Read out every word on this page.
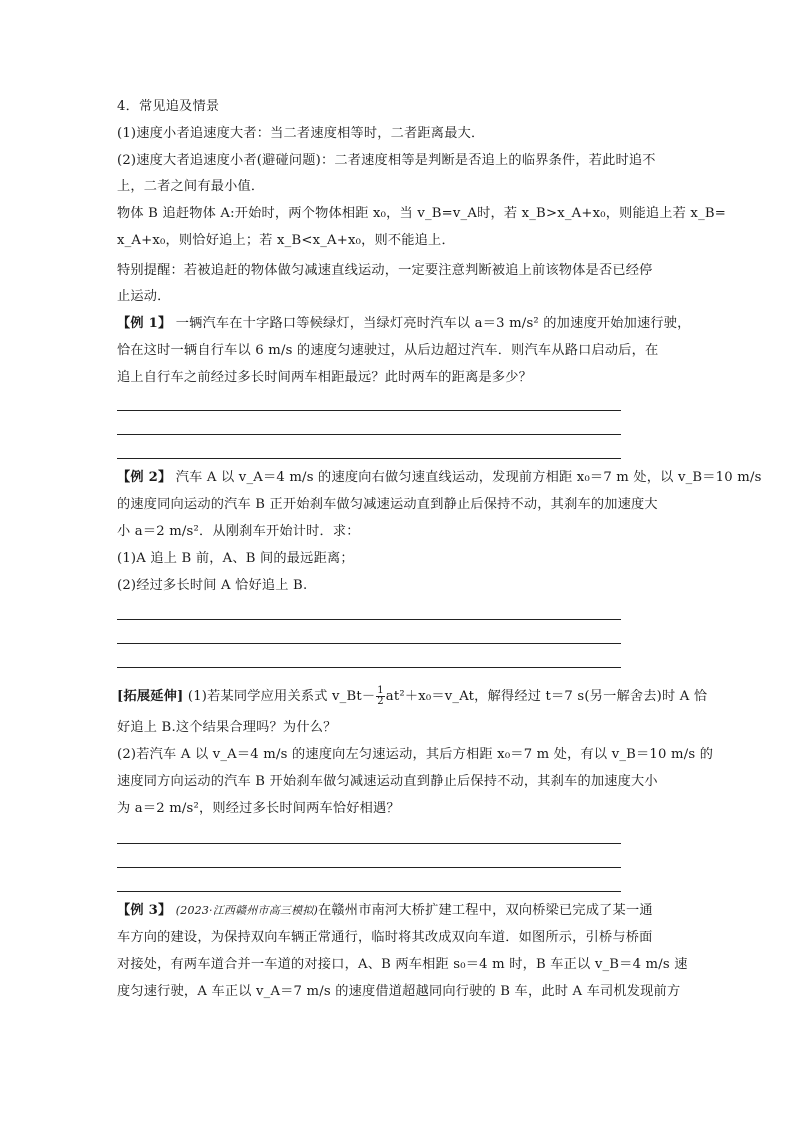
4．常见追及情景
(1)速度小者追速度大者：当二者速度相等时，二者距离最大．
(2)速度大者追速度小者(避碰问题)：二者速度相等是判断是否追上的临界条件，若此时追不
上，二者之间有最小值．
物体 B 追赶物体 A:开始时，两个物体相距 x₀，当 v_B=v_A时，若 x_B>x_A+x₀，则能追上若 x_B=
x_A+x₀，则恰好追上；若 x_B<x_A+x₀，则不能追上．
特别提醒：若被追赶的物体做匀减速直线运动，一定要注意判断被追上前该物体是否已经停
止运动．
【例 1】 一辆汽车在十字路口等候绿灯，当绿灯亮时汽车以 a＝3 m/s² 的加速度开始加速行驶，
恰在这时一辆自行车以 6 m/s 的速度匀速驶过，从后边超过汽车．则汽车从路口启动后，在
追上自行车之前经过多长时间两车相距最远？此时两车的距离是多少？
【例 2】 汽车 A 以 v_A＝4 m/s 的速度向右做匀速直线运动，发现前方相距 x₀＝7 m 处，以 v_B＝10 m/s
的速度同向运动的汽车 B 正开始刹车做匀减速运动直到静止后保持不动，其刹车的加速度大
小 a＝2 m/s²．从刚刹车开始计时．求：
(1)A 追上 B 前，A、B 间的最远距离；
(2)经过多长时间 A 恰好追上 B.
[拓展延伸] (1)若某同学应用关系式 v_Bt－ $\frac{1}{2}$ at²＋x₀＝v_At，解得经过 t＝7 s(另一解舍去)时 A 恰
好追上 B.这个结果合理吗？为什么？
(2)若汽车 A 以 v_A＝4 m/s 的速度向左匀速运动，其后方相距 x₀＝7 m 处，有以 v_B＝10 m/s 的
速度同方向运动的汽车 B 开始刹车做匀减速运动直到静止后保持不动，其刹车的加速度大小
为 a＝2 m/s²，则经过多长时间两车恰好相遇？
【例 3】 (2023·江西赣州市高三模拟)在赣州市南河大桥扩建工程中，双向桥梁已完成了某一通
车方向的建设，为保持双向车辆正常通行，临时将其改成双向车道．如图所示，引桥与桥面
对接处，有两车道合并一车道的对接口，A、B 两车相距 s₀＝4 m 时，B 车正以 v_B＝4 m/s 速
度匀速行驶，A 车正以 v_A＝7 m/s 的速度借道超越同向行驶的 B 车，此时 A 车司机发现前方
